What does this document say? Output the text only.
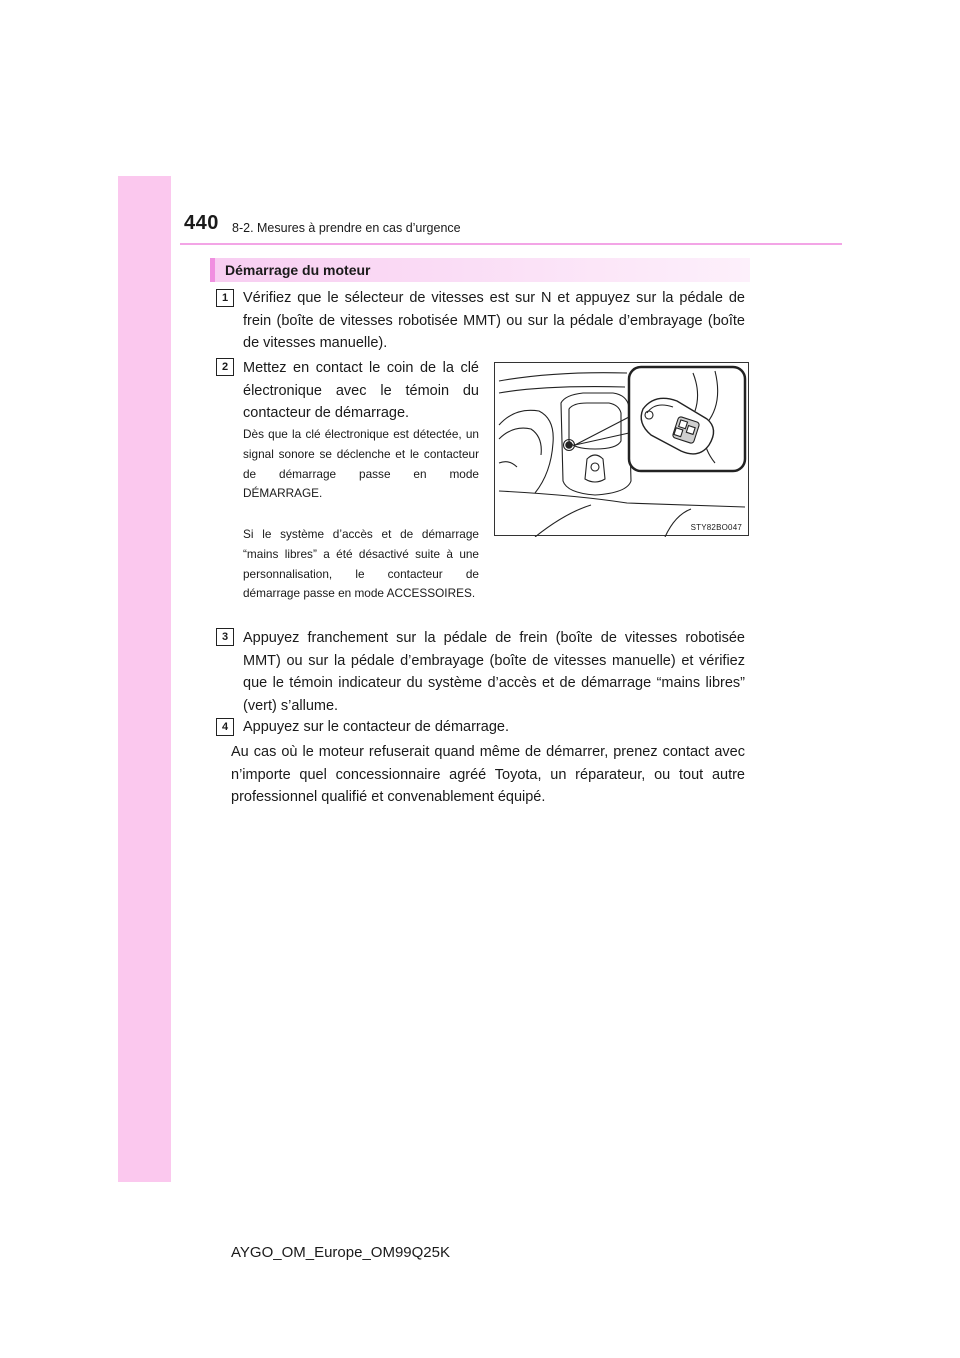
440 8-2. Mesures à prendre en cas d’urgence
Démarrage du moteur
1	Vérifiez que le sélecteur de vitesses est sur N et appuyez sur la pédale de frein (boîte de vitesses robotisée MMT) ou sur la pédale d’embrayage (boîte de vitesses manuelle).
2	Mettez en contact le coin de la clé électronique avec le témoin du contacteur de démarrage.
Dès que la clé électronique est détectée, un signal sonore se déclenche et le contacteur de démarrage passe en mode DÉMARRAGE.
Si le système d’accès et de démarrage “mains libres” a été désactivé suite à une personnalisation, le contacteur de démarrage passe en mode ACCESSOIRES.
STY82BO047
3	Appuyez franchement sur la pédale de frein (boîte de vitesses robotisée MMT) ou sur la pédale d’embrayage (boîte de vitesses manuelle) et vérifiez que le témoin indicateur du système d’accès et de démarrage “mains libres” (vert) s’allume.
4	Appuyez sur le contacteur de démarrage.
Au cas où le moteur refuserait quand même de démarrer, prenez contact avec n’importe quel concessionnaire agréé Toyota, un réparateur, ou tout autre professionnel qualifié et convenablement équipé.
AYGO_OM_Europe_OM99Q25K
